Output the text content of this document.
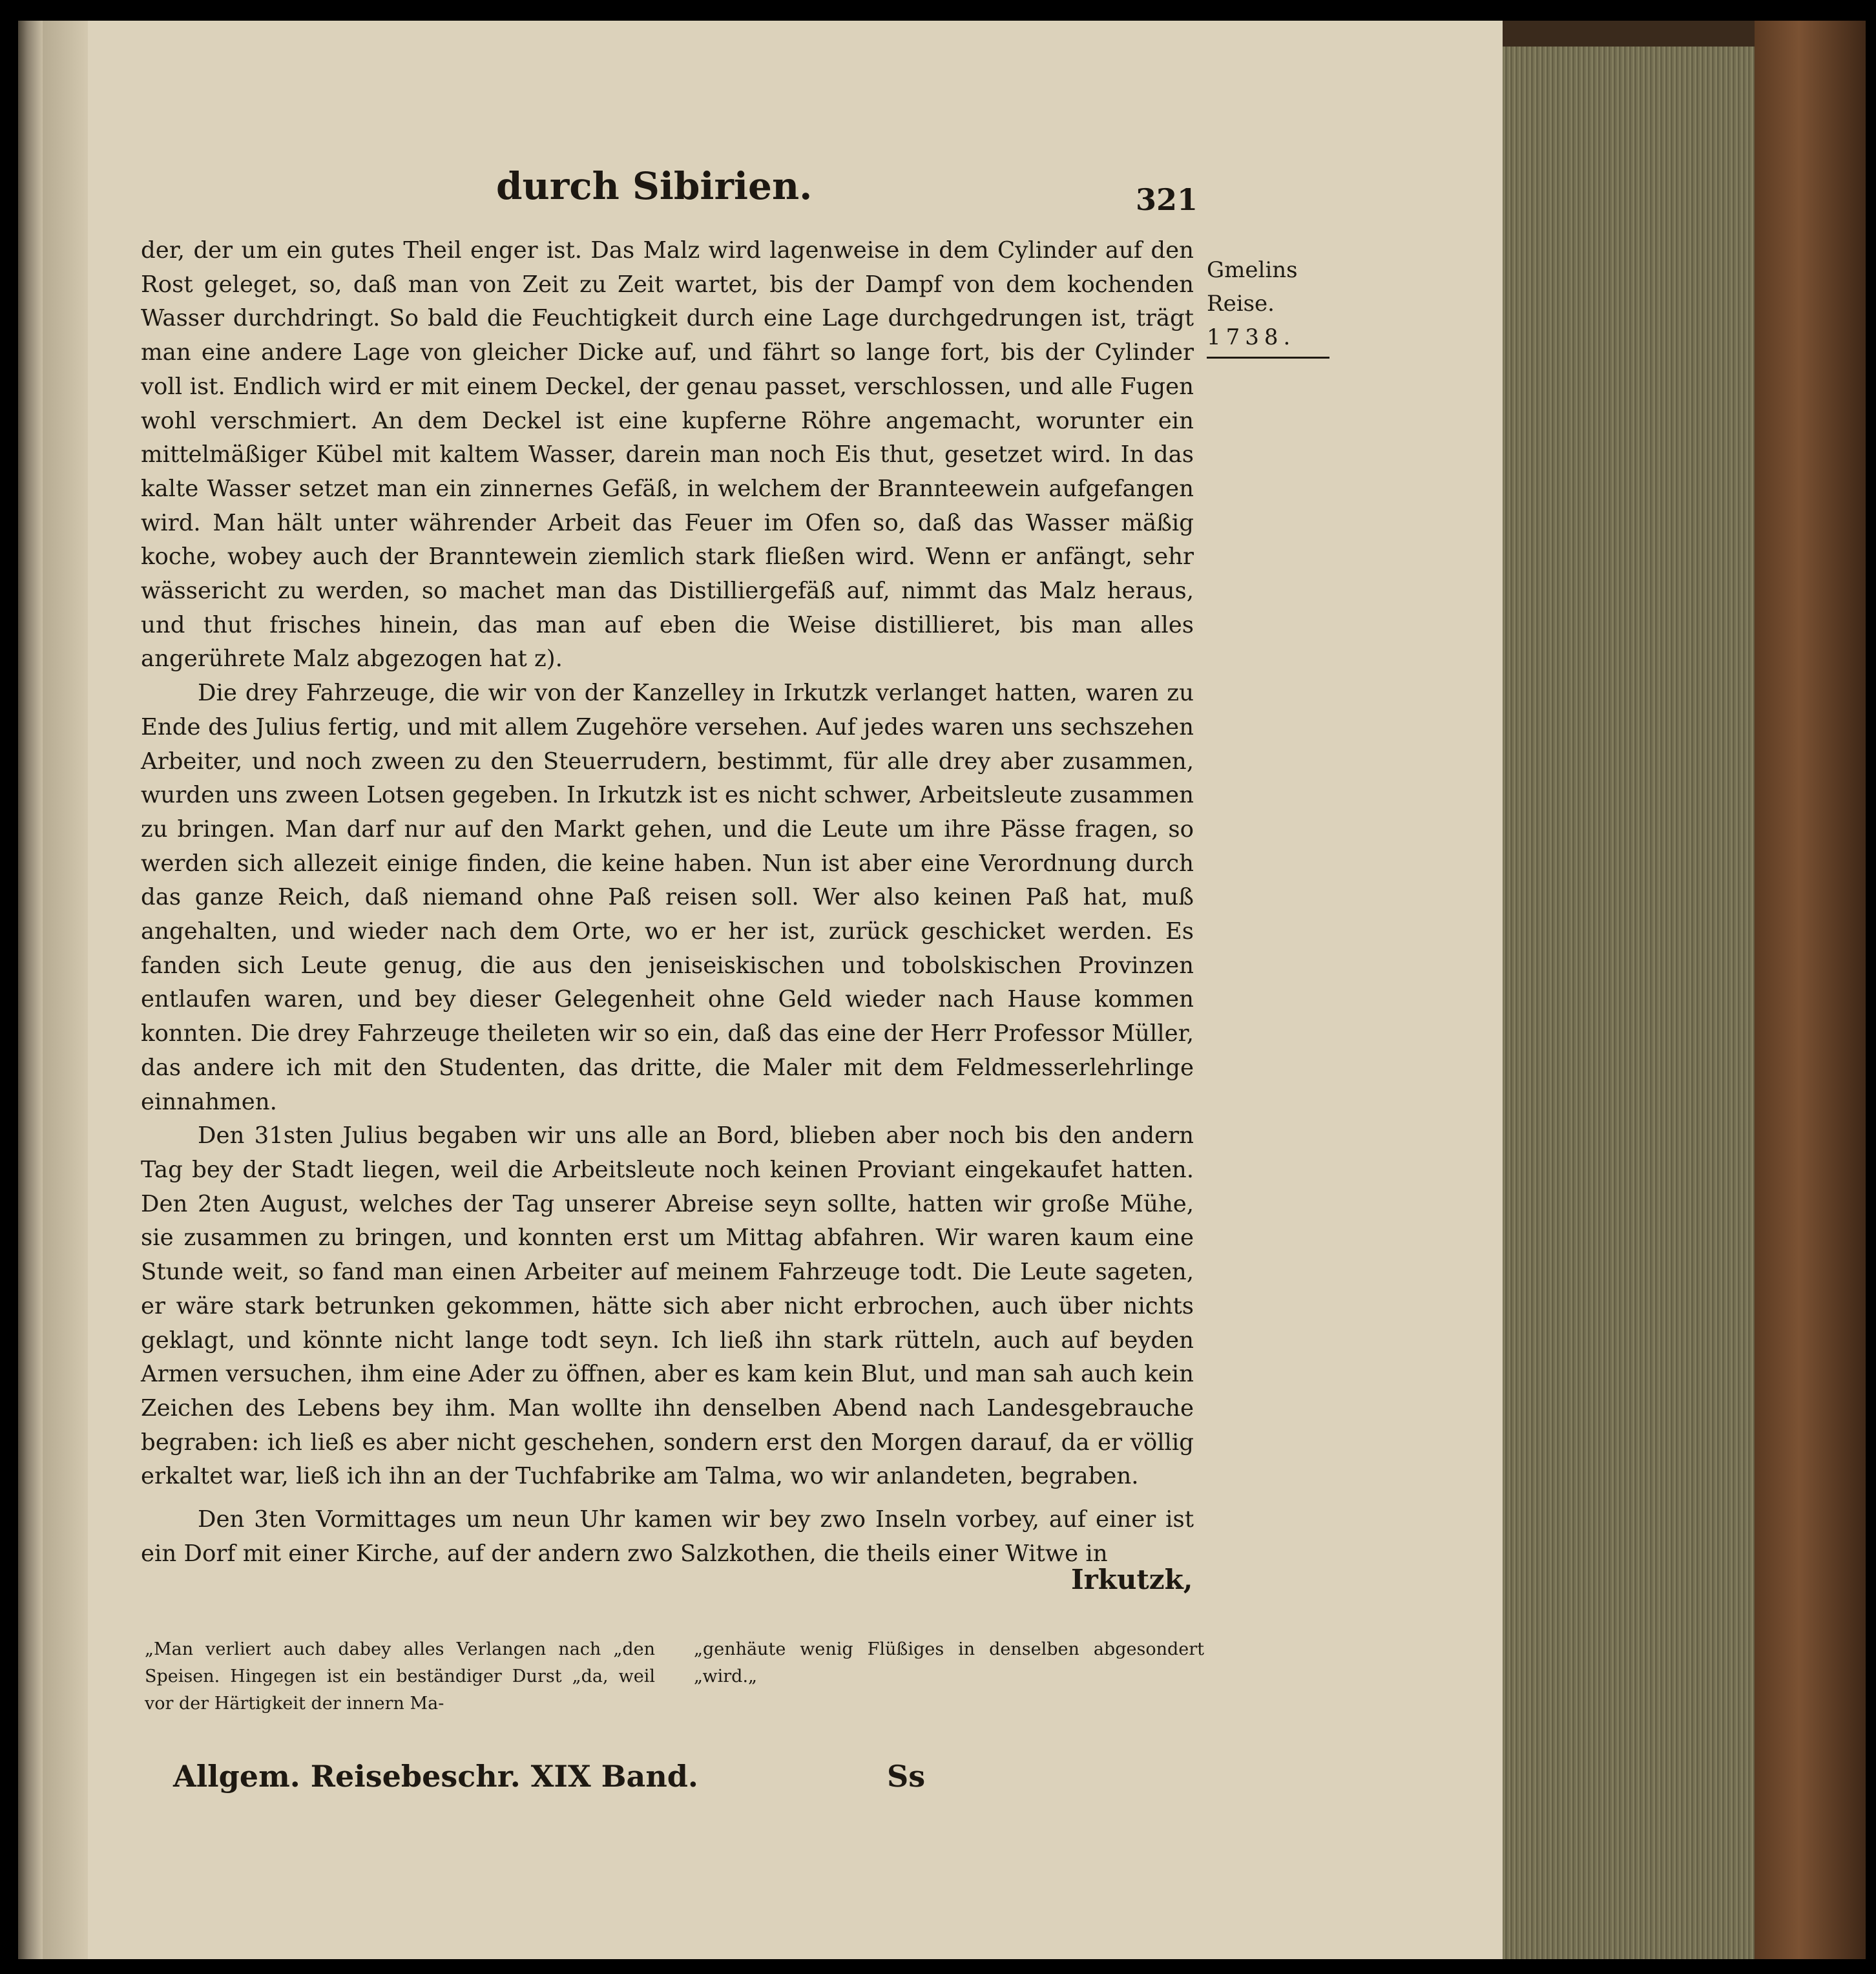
durch Sibirien.	321

der, der um ein gutes Theil enger ist. Das Malz wird lagenweise in dem Cylinder auf den Rost geleget, so, daß man von Zeit zu Zeit wartet, bis der Dampf von dem kochenden Wasser durchdringt. So bald die Feuchtigkeit durch eine Lage durchgedrungen ist, trägt man eine andere Lage von gleicher Dicke auf, und fährt so lange fort, bis der Cylinder voll ist. Endlich wird er mit einem Deckel, der genau passet, verschlossen, und alle Fugen wohl verschmiert. An dem Deckel ist eine kupferne Röhre angemacht, worunter ein mittelmäßiger Kübel mit kaltem Wasser, darein man noch Eis thut, gesetzet wird. In das kalte Wasser setzet man ein zinnernes Gefäß, in welchem der Brannteewein aufgefangen wird. Man hält unter währender Arbeit das Feuer im Ofen so, daß das Wasser mäßig koche, wobey auch der Branntewein ziemlich stark fließen wird. Wenn er anfängt, sehr wässericht zu werden, so machet man das Distilliergefäß auf, nimmt das Malz heraus, und thut frisches hinein, das man auf eben die Weise distillieret, bis man alles angerührete Malz abgezogen hat z).

Die drey Fahrzeuge, die wir von der Kanzelley in Irkutzk verlanget hatten, waren zu Ende des Julius fertig, und mit allem Zugehöre versehen. Auf jedes waren uns sechszehen Arbeiter, und noch zween zu den Steuerrudern, bestimmt, für alle drey aber zusammen, wurden uns zween Lotsen gegeben. In Irkutzk ist es nicht schwer, Arbeitsleute zusammen zu bringen. Man darf nur auf den Markt gehen, und die Leute um ihre Pässe fragen, so werden sich allezeit einige finden, die keine haben. Nun ist aber eine Verordnung durch das ganze Reich, daß niemand ohne Paß reisen soll. Wer also keinen Paß hat, muß angehalten, und wieder nach dem Orte, wo er her ist, zurück geschicket werden. Es fanden sich Leute genug, die aus den jeniseiskischen und tobolskischen Provinzen entlaufen waren, und bey dieser Gelegenheit ohne Geld wieder nach Hause kommen konnten. Die drey Fahrzeuge theileten wir so ein, daß das eine der Herr Professor Müller, das andere ich mit den Studenten, das dritte, die Maler mit dem Feldmesserlehrlinge einnahmen.

Den 31sten Julius begaben wir uns alle an Bord, blieben aber noch bis den andern Tag bey der Stadt liegen, weil die Arbeitsleute noch keinen Proviant eingekaufet hatten. Den 2ten August, welches der Tag unserer Abreise seyn sollte, hatten wir große Mühe, sie zusammen zu bringen, und konnten erst um Mittag abfahren. Wir waren kaum eine Stunde weit, so fand man einen Arbeiter auf meinem Fahrzeuge todt. Die Leute sageten, er wäre stark betrunken gekommen, hätte sich aber nicht erbrochen, auch über nichts geklagt, und könnte nicht lange todt seyn. Ich ließ ihn stark rütteln, auch auf beyden Armen versuchen, ihm eine Ader zu öffnen, aber es kam kein Blut, und man sah auch kein Zeichen des Lebens bey ihm. Man wollte ihn denselben Abend nach Landesgebrauche begraben: ich ließ es aber nicht geschehen, sondern erst den Morgen darauf, da er völlig erkaltet war, ließ ich ihn an der Tuchfabrike am Talma, wo wir anlandeten, begraben.

Den 3ten Vormittages um neun Uhr kamen wir bey zwo Inseln vorbey, auf einer ist ein Dorf mit einer Kirche, auf der andern zwo Salzkothen, die theils einer Witwe in

Gmelins
Reise.
1738.
Irkutzk,
„Man verliert auch dabey alles Verlangen nach „den Speisen. Hingegen ist ein beständiger Durst „da, weil vor der Härtigkeit der innern Ma-
„genhäute wenig Flüßiges in denselben abgesondert „wird.„
Allgem. Reisebeschr. XIX Band.	Ss
